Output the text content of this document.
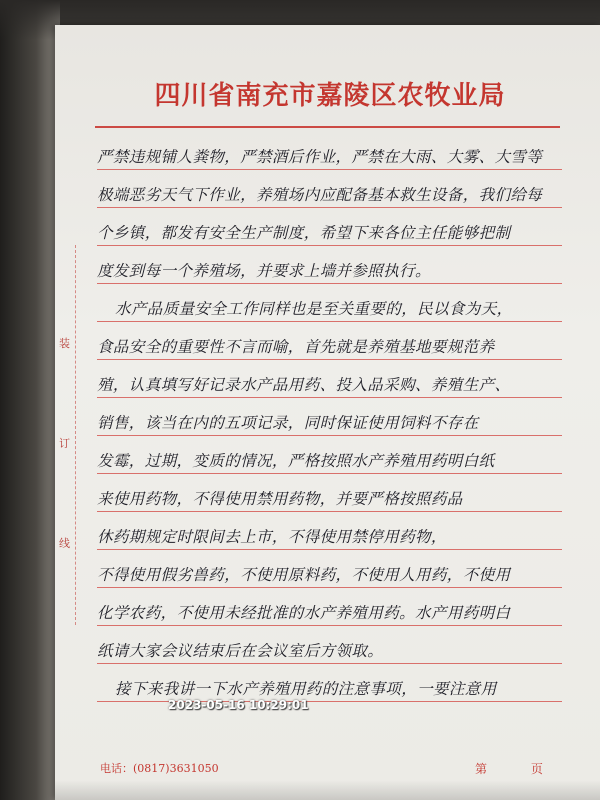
四川省南充市嘉陵区农牧业局
装
订
线
严禁违规铺人粪物，严禁酒后作业，严禁在大雨、大雾、大雪等
极端恶劣天气下作业，养殖场内应配备基本救生设备，我们给每
个乡镇，都发有安全生产制度，希望下来各位主任能够把制
度发到每一个养殖场，并要求上墙并参照执行。
水产品质量安全工作同样也是至关重要的，民以食为天，
食品安全的重要性不言而喻，首先就是养殖基地要规范养
殖，认真填写好记录水产品用药、投入品采购、养殖生产、
销售，该当在内的五项记录，同时保证使用饲料不存在
发霉，过期，变质的情况，严格按照水产养殖用药明白纸
来使用药物，不得使用禁用药物，并要严格按照药品
休药期规定时限间去上市，不得使用禁停用药物，
不得使用假劣兽药，不使用原料药，不使用人用药，不使用
化学农药，不使用未经批准的水产养殖用药。水产用药明白
纸请大家会议结束后在会议室后方领取。
接下来我讲一下水产养殖用药的注意事项，一要注意用
电话：(0817)3631050	第 页
2023-05-16 10:29:01
